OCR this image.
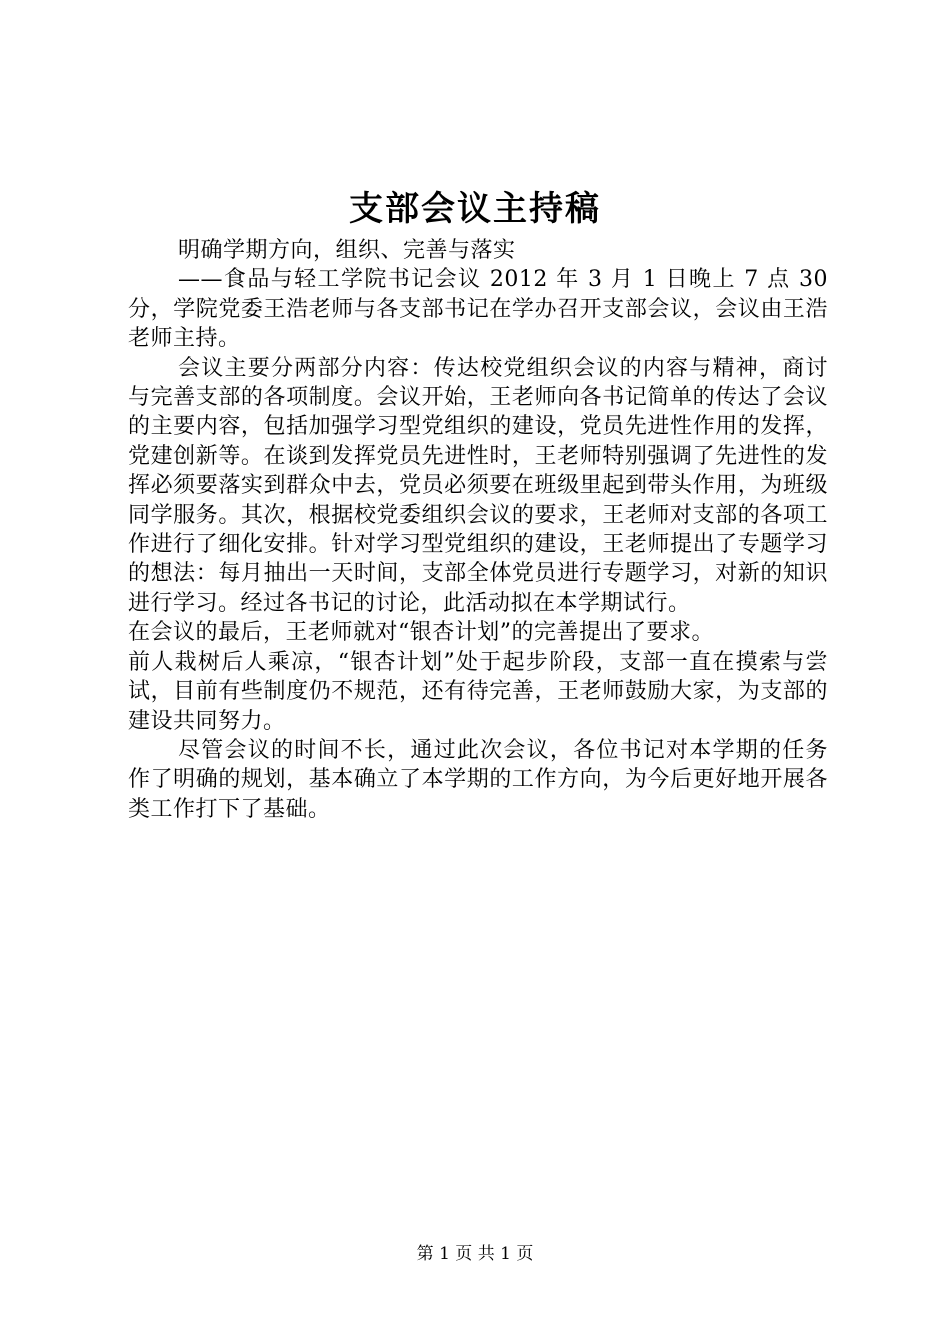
支部会议主持稿

明确学期方向，组织、完善与落实

——食品与轻工学院书记会议 2012 年 3 月 1 日晚上 7 点 30 分，学院党委王浩老师与各支部书记在学办召开支部会议，会议由王浩老师主持。

会议主要分两部分内容：传达校党组织会议的内容与精神，商讨与完善支部的各项制度。会议开始，王老师向各书记简单的传达了会议的主要内容，包括加强学习型党组织的建设，党员先进性作用的发挥，党建创新等。在谈到发挥党员先进性时，王老师特别强调了先进性的发挥必须要落实到群众中去，党员必须要在班级里起到带头作用，为班级同学服务。其次，根据校党委组织会议的要求，王老师对支部的各项工作进行了细化安排。针对学习型党组织的建设，王老师提出了专题学习的想法：每月抽出一天时间，支部全体党员进行专题学习，对新的知识进行学习。经过各书记的讨论，此活动拟在本学期试行。

在会议的最后，王老师就对“银杏计划”的完善提出了要求。

前人栽树后人乘凉，“银杏计划”处于起步阶段，支部一直在摸索与尝试，目前有些制度仍不规范，还有待完善，王老师鼓励大家，为支部的建设共同努力。

尽管会议的时间不长，通过此次会议，各位书记对本学期的任务作了明确的规划，基本确立了本学期的工作方向，为今后更好地开展各类工作打下了基础。

第 1 页 共 1 页
